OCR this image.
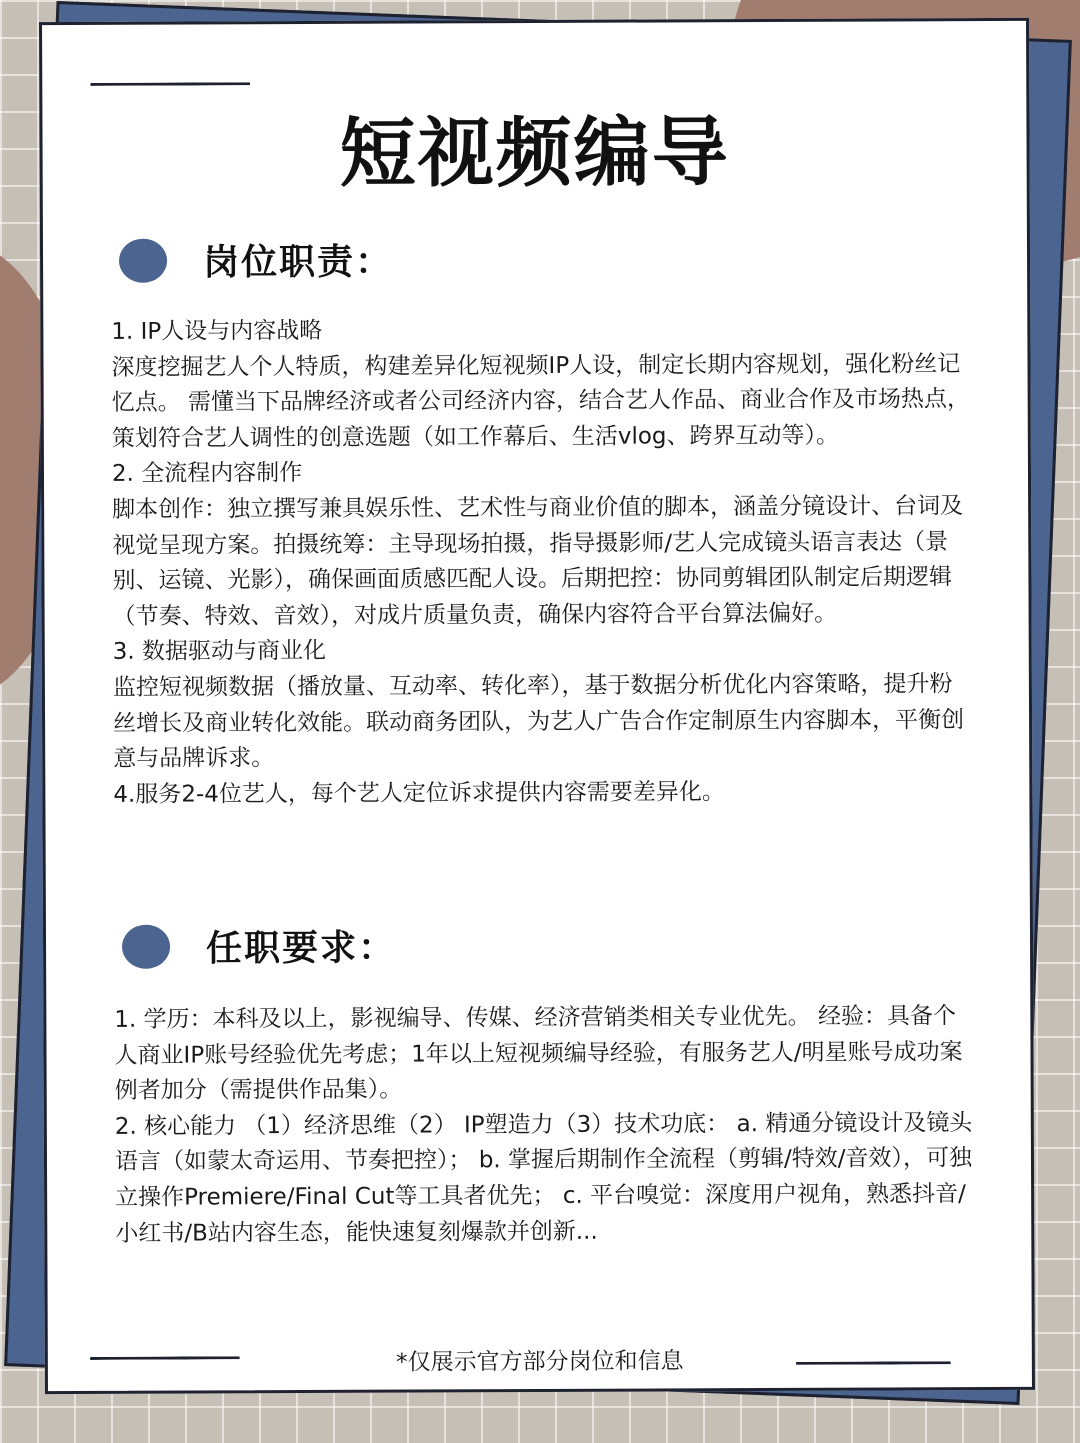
短视频编导
岗位职责：

1. IP人设与内容战略

深度挖掘艺人个人特质，构建差异化短视频IP人设，制定长期内容规划，强化粉丝记忆点。 需懂当下品牌经济或者公司经济内容，结合艺人作品、商业合作及市场热点，策划符合艺人调性的创意选题（如工作幕后、生活vlog、跨界互动等）。

2. 全流程内容制作

脚本创作：独立撰写兼具娱乐性、艺术性与商业价值的脚本，涵盖分镜设计、台词及视觉呈现方案。拍摄统筹：主导现场拍摄，指导摄影师/艺人完成镜头语言表达（景别、运镜、光影），确保画面质感匹配人设。后期把控：协同剪辑团队制定后期逻辑（节奏、特效、音效），对成片质量负责，确保内容符合平台算法偏好。

3. 数据驱动与商业化

监控短视频数据（播放量、互动率、转化率），基于数据分析优化内容策略，提升粉丝增长及商业转化效能。联动商务团队，为艺人广告合作定制原生内容脚本，平衡创意与品牌诉求。

4.服务2-4位艺人，每个艺人定位诉求提供内容需要差异化。

任职要求：

1. 学历：本科及以上，影视编导、传媒、经济营销类相关专业优先。 经验：具备个人商业IP账号经验优先考虑；1年以上短视频编导经验，有服务艺人/明星账号成功案例者加分（需提供作品集）。

2. 核心能力 （1）经济思维（2） IP塑造力（3）技术功底： a. 精通分镜设计及镜头语言（如蒙太奇运用、节奏把控）； b. 掌握后期制作全流程（剪辑/特效/音效），可独立操作Premiere/Final Cut等工具者优先； c. 平台嗅觉：深度用户视角，熟悉抖音/小红书/B站内容生态，能快速复刻爆款并创新...

*仅展示官方部分岗位和信息
